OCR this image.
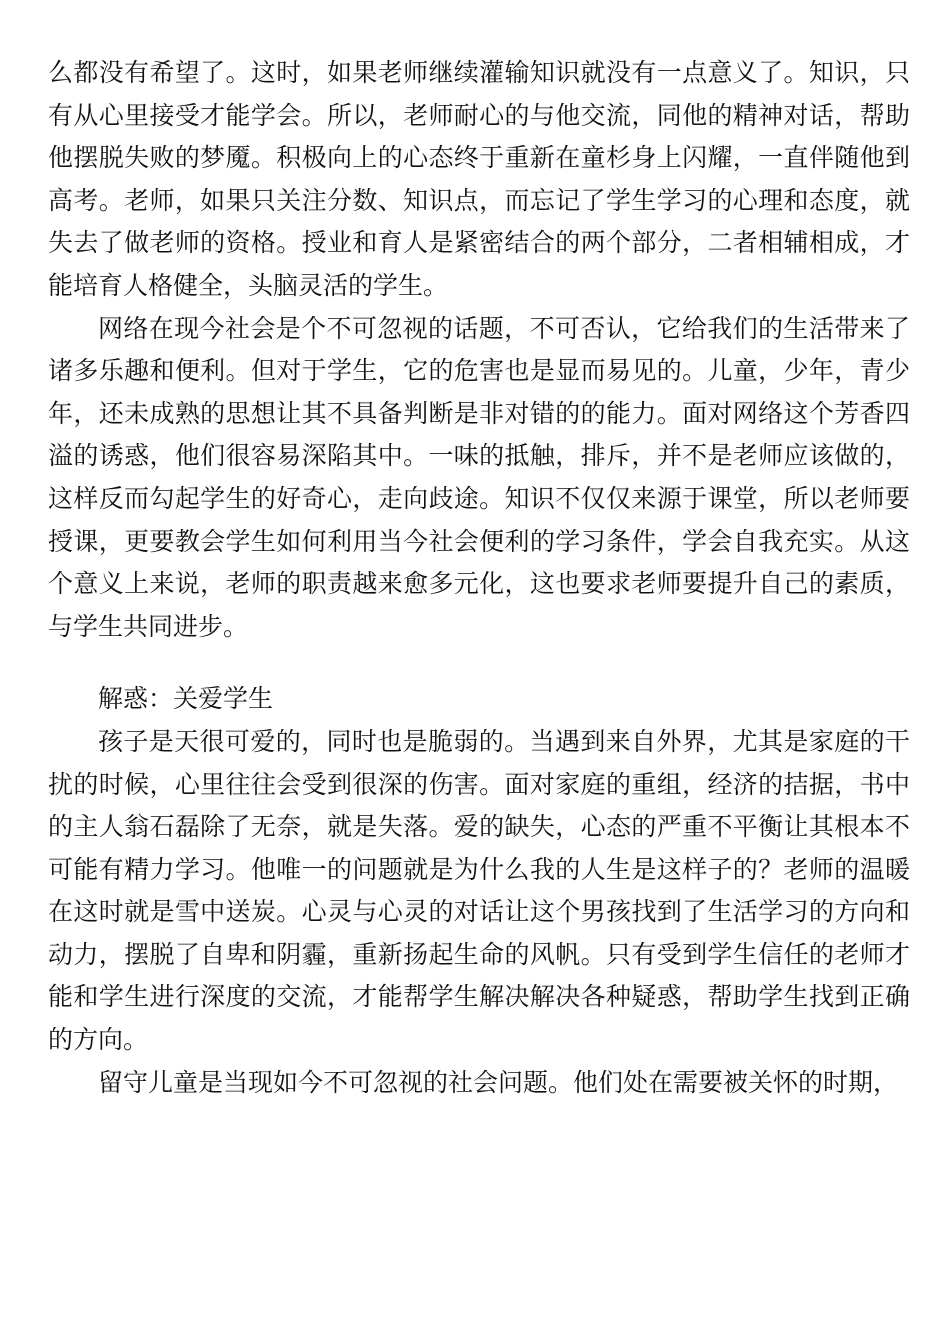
么都没有希望了。这时，如果老师继续灌输知识就没有一点意义了。知识，只有从心里接受才能学会。所以，老师耐心的与他交流，同他的精神对话，帮助他摆脱失败的梦魇。积极向上的心态终于重新在童杉身上闪耀，一直伴随他到高考。老师，如果只关注分数、知识点，而忘记了学生学习的心理和态度，就失去了做老师的资格。授业和育人是紧密结合的两个部分，二者相辅相成，才能培育人格健全，头脑灵活的学生。

网络在现今社会是个不可忽视的话题，不可否认，它给我们的生活带来了诸多乐趣和便利。但对于学生，它的危害也是显而易见的。儿童，少年，青少年，还未成熟的思想让其不具备判断是非对错的的能力。面对网络这个芳香四溢的诱惑，他们很容易深陷其中。一味的抵触，排斥，并不是老师应该做的，这样反而勾起学生的好奇心，走向歧途。知识不仅仅来源于课堂，所以老师要授课，更要教会学生如何利用当今社会便利的学习条件，学会自我充实。从这个意义上来说，老师的职责越来愈多元化，这也要求老师要提升自己的素质，与学生共同进步。

解惑：关爱学生

孩子是天很可爱的，同时也是脆弱的。当遇到来自外界，尤其是家庭的干扰的时候，心里往往会受到很深的伤害。面对家庭的重组，经济的拮据，书中的主人翁石磊除了无奈，就是失落。爱的缺失，心态的严重不平衡让其根本不可能有精力学习。他唯一的问题就是为什么我的人生是这样子的？老师的温暖在这时就是雪中送炭。心灵与心灵的对话让这个男孩找到了生活学习的方向和动力，摆脱了自卑和阴霾，重新扬起生命的风帆。只有受到学生信任的老师才能和学生进行深度的交流，才能帮学生解决解决各种疑惑，帮助学生找到正确的方向。

留守儿童是当现如今不可忽视的社会问题。他们处在需要被关怀的时期，
